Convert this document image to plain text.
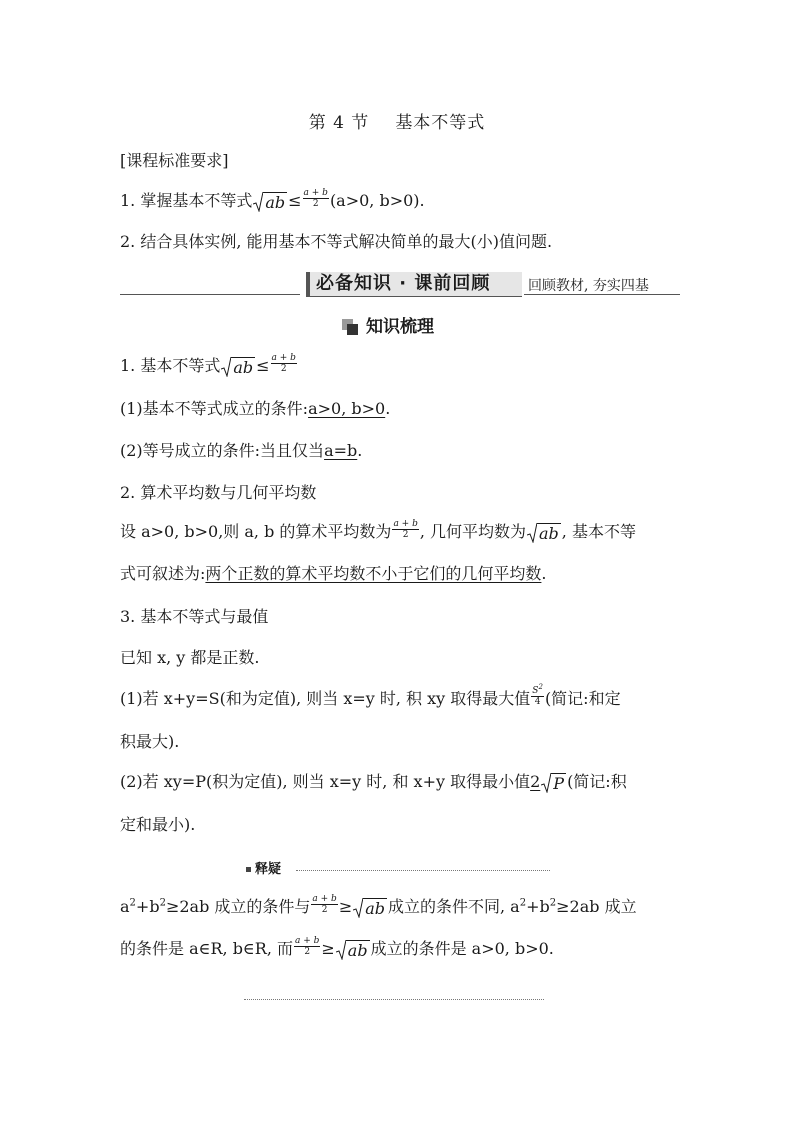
第 4 节 基本不等式
[课程标准要求]
1. 掌握基本不等式 ab ≤ $\frac{a + b}{2} (a>0$, b>0).
2. 结合具体实例, 能用基本不等式解决简单的最大(小)值问题.
必备知识 · 课前回顾	回顾教材, 夯实四基
知识梳理
1. 基本不等式 ab ≤ $\frac{a + b}{2}$
(1)基本不等式成立的条件:a>0, b>0.
(2)等号成立的条件:当且仅当a=b.
2. 算术平均数与几何平均数
设 a>0, b>0,则 a, b 的算术平均数为 $\frac{a + b}{2}$ , 几何平均数为 ab , 基本不等
式可叙述为:两个正数的算术平均数不小于它们的几何平均数.
3. 基本不等式与最值
已知 x, y 都是正数.
(1)若 x+y=S(和为定值), 则当 x=y 时, 积 xy 取得最大值 $\frac{S^2}{4}$ (简记:和定
积最大).
(2)若 xy=P(积为定值), 则当 x=y 时, 和 x+y 取得最小值2 P (简记:积
定和最小).
释疑
$a^2+b^2\ge 2ab$ 成立的条件与 $\frac{a + b}{2}$ ≥ ab 成立的条件不同, $a^2+b^2\ge 2ab$ 成立
的条件是 a∈R, b∈R, 而 $\frac{a + b}{2}$ ≥ ab 成立的条件是 a>0, b>0.
